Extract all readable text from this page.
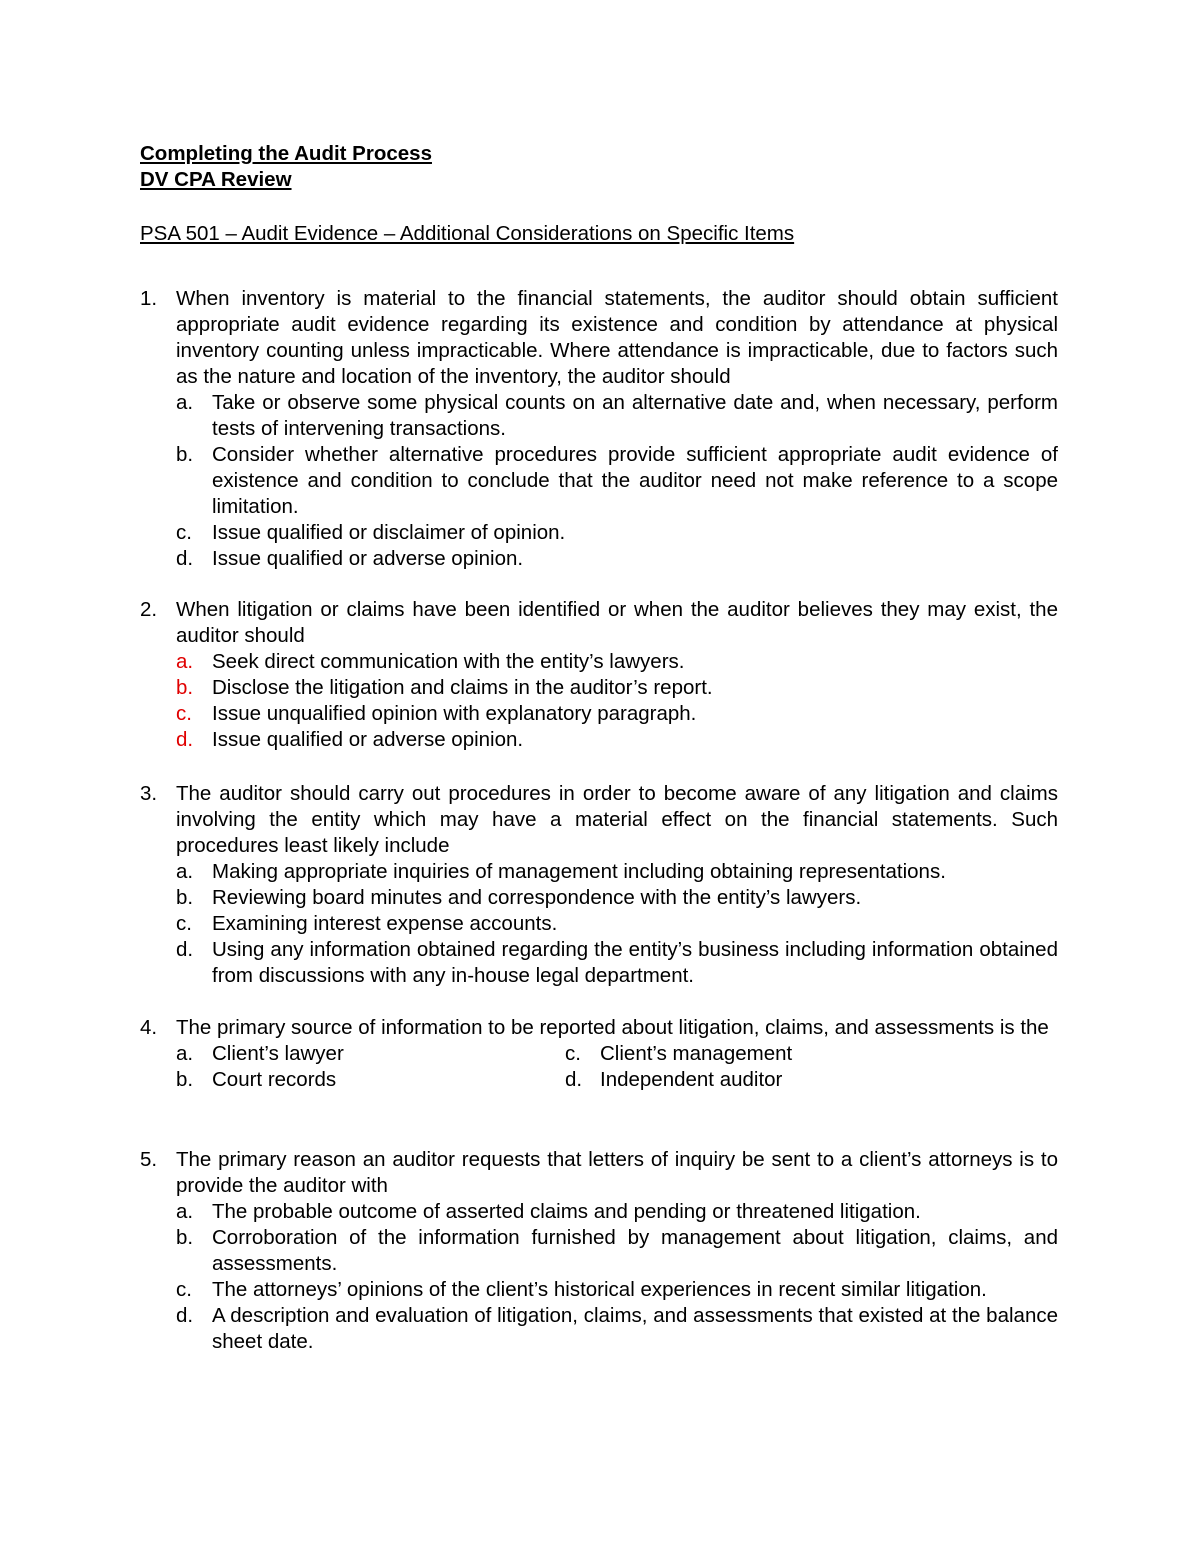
Completing the Audit Process
DV CPA Review
PSA 501 – Audit Evidence – Additional Considerations on Specific Items
1. When inventory is material to the financial statements, the auditor should obtain sufficient appropriate audit evidence regarding its existence and condition by attendance at physical inventory counting unless impracticable. Where attendance is impracticable, due to factors such as the nature and location of the inventory, the auditor should
a. Take or observe some physical counts on an alternative date and, when necessary, perform tests of intervening transactions.
b. Consider whether alternative procedures provide sufficient appropriate audit evidence of existence and condition to conclude that the auditor need not make reference to a scope limitation.
c. Issue qualified or disclaimer of opinion.
d. Issue qualified or adverse opinion.
2. When litigation or claims have been identified or when the auditor believes they may exist, the auditor should
a. Seek direct communication with the entity’s lawyers.
b. Disclose the litigation and claims in the auditor’s report.
c. Issue unqualified opinion with explanatory paragraph.
d. Issue qualified or adverse opinion.
3. The auditor should carry out procedures in order to become aware of any litigation and claims involving the entity which may have a material effect on the financial statements. Such procedures least likely include
a. Making appropriate inquiries of management including obtaining representations.
b. Reviewing board minutes and correspondence with the entity’s lawyers.
c. Examining interest expense accounts.
d. Using any information obtained regarding the entity’s business including information obtained from discussions with any in-house legal department.
4. The primary source of information to be reported about litigation, claims, and assessments is the
a. Client’s lawyer	c. Client’s management
b. Court records	d. Independent auditor
5. The primary reason an auditor requests that letters of inquiry be sent to a client’s attorneys is to provide the auditor with
a. The probable outcome of asserted claims and pending or threatened litigation.
b. Corroboration of the information furnished by management about litigation, claims, and assessments.
c. The attorneys’ opinions of the client’s historical experiences in recent similar litigation.
d. A description and evaluation of litigation, claims, and assessments that existed at the balance sheet date.
